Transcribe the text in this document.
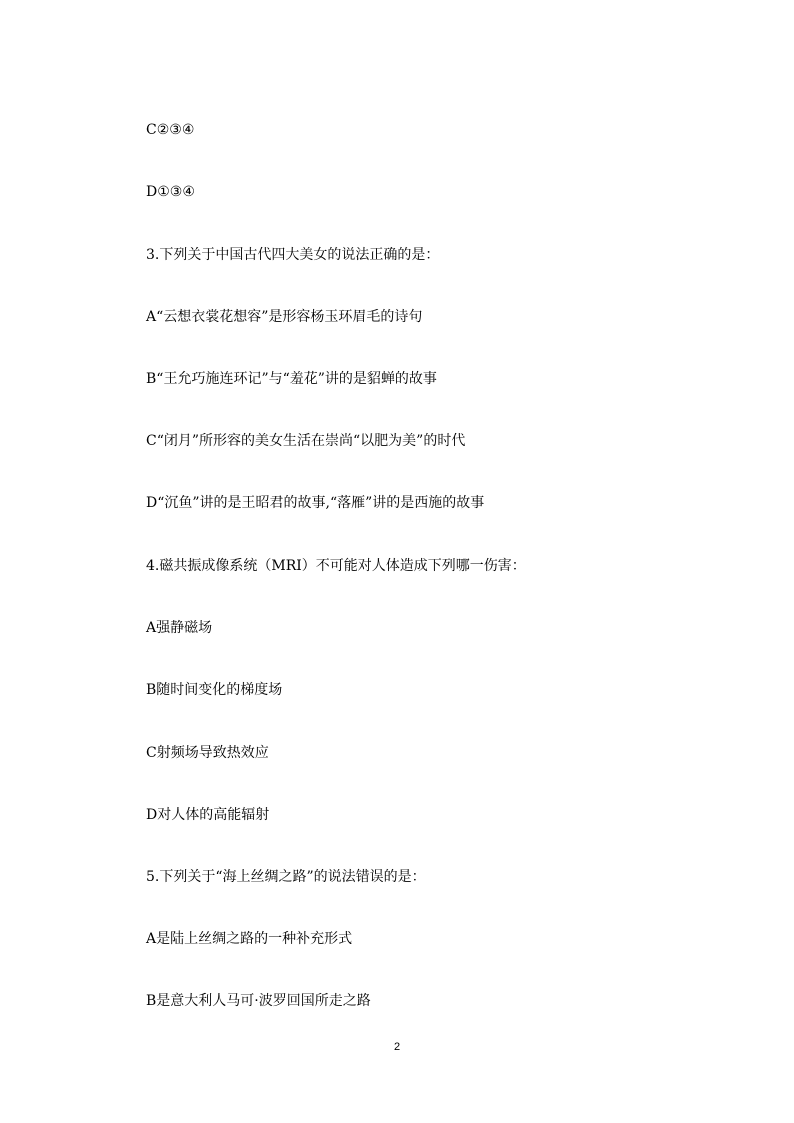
C②③④
D①③④
3.下列关于中国古代四大美女的说法正确的是：
A“云想衣裳花想容”是形容杨玉环眉毛的诗句
B“王允巧施连环记”与“羞花”讲的是貂蝉的故事
C“闭月”所形容的美女生活在崇尚“以肥为美”的时代
D“沉鱼”讲的是王昭君的故事,“落雁”讲的是西施的故事
4.磁共振成像系统（MRI）不可能对人体造成下列哪一伤害：
A强静磁场
B随时间变化的梯度场
C射频场导致热效应
D对人体的高能辐射
5.下列关于“海上丝绸之路”的说法错误的是：
A是陆上丝绸之路的一种补充形式
B是意大利人马可·波罗回国所走之路
2
